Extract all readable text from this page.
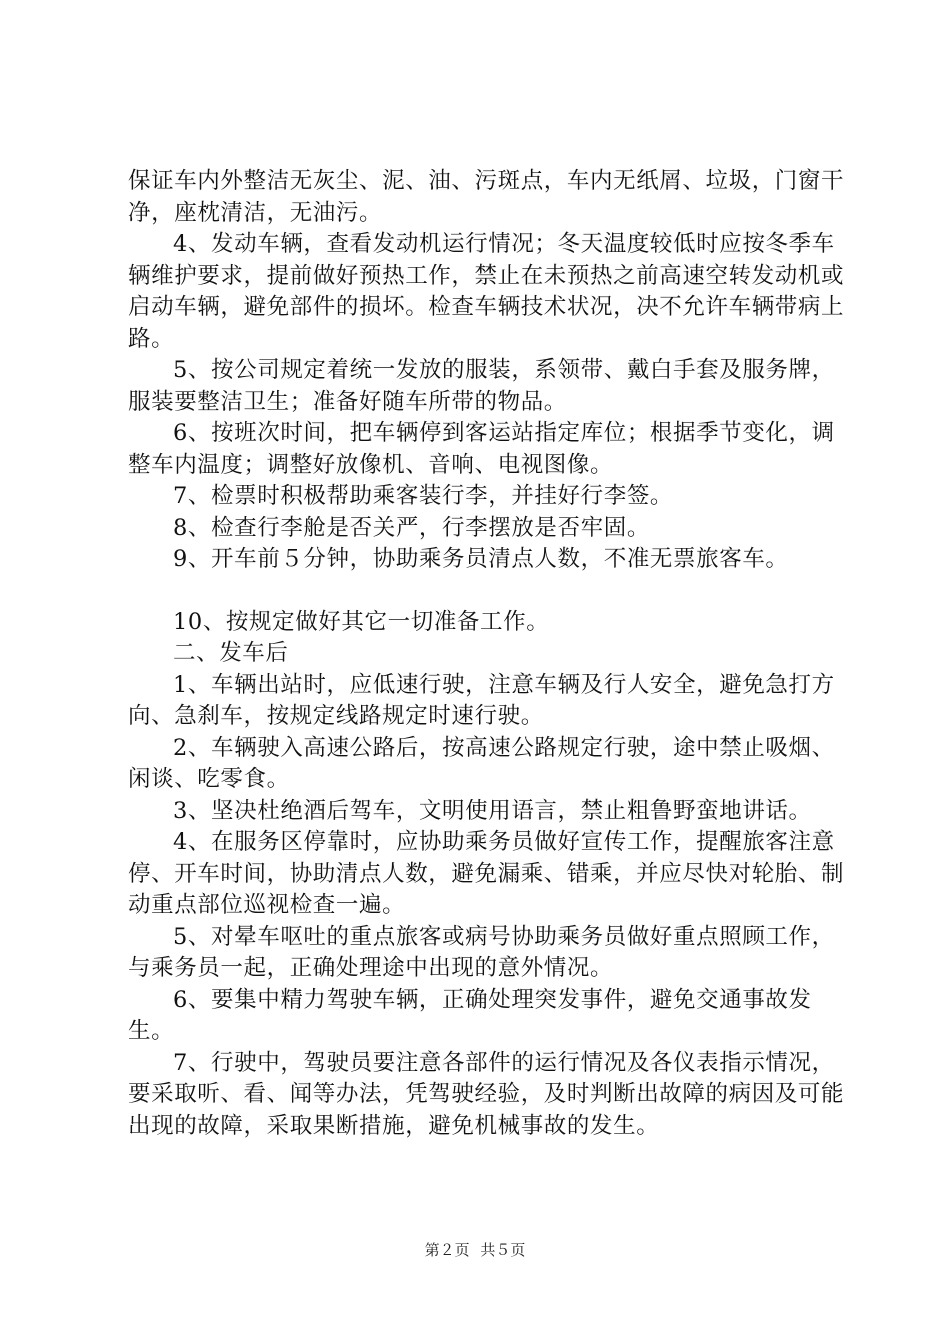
保证车内外整洁无灰尘、泥、油、污斑点，车内无纸屑、垃圾，门窗干净，座枕清洁，无油污。

4、发动车辆，查看发动机运行情况；冬天温度较低时应按冬季车辆维护要求，提前做好预热工作，禁止在未预热之前高速空转发动机或启动车辆，避免部件的损坏。检查车辆技术状况，决不允许车辆带病上路。

5、按公司规定着统一发放的服装，系领带、戴白手套及服务牌，服装要整洁卫生；准备好随车所带的物品。

6、按班次时间，把车辆停到客运站指定库位；根据季节变化，调整车内温度；调整好放像机、音响、电视图像。

7、检票时积极帮助乘客装行李，并挂好行李签。

8、检查行李舱是否关严，行李摆放是否牢固。

9、开车前５分钟，协助乘务员清点人数，不准无票旅客车。

10、按规定做好其它一切准备工作。

二、发车后

1、车辆出站时，应低速行驶，注意车辆及行人安全，避免急打方向、急刹车，按规定线路规定时速行驶。

2、车辆驶入高速公路后，按高速公路规定行驶，途中禁止吸烟、闲谈、吃零食。

3、坚决杜绝酒后驾车，文明使用语言，禁止粗鲁野蛮地讲话。

4、在服务区停靠时，应协助乘务员做好宣传工作，提醒旅客注意停、开车时间，协助清点人数，避免漏乘、错乘，并应尽快对轮胎、制动重点部位巡视检查一遍。

5、对晕车呕吐的重点旅客或病号协助乘务员做好重点照顾工作，与乘务员一起，正确处理途中出现的意外情况。

6、要集中精力驾驶车辆，正确处理突发事件，避免交通事故发生。

7、行驶中，驾驶员要注意各部件的运行情况及各仪表指示情况，要采取听、看、闻等办法，凭驾驶经验，及时判断出故障的病因及可能出现的故障，采取果断措施，避免机械事故的发生。

第２页 共５页
